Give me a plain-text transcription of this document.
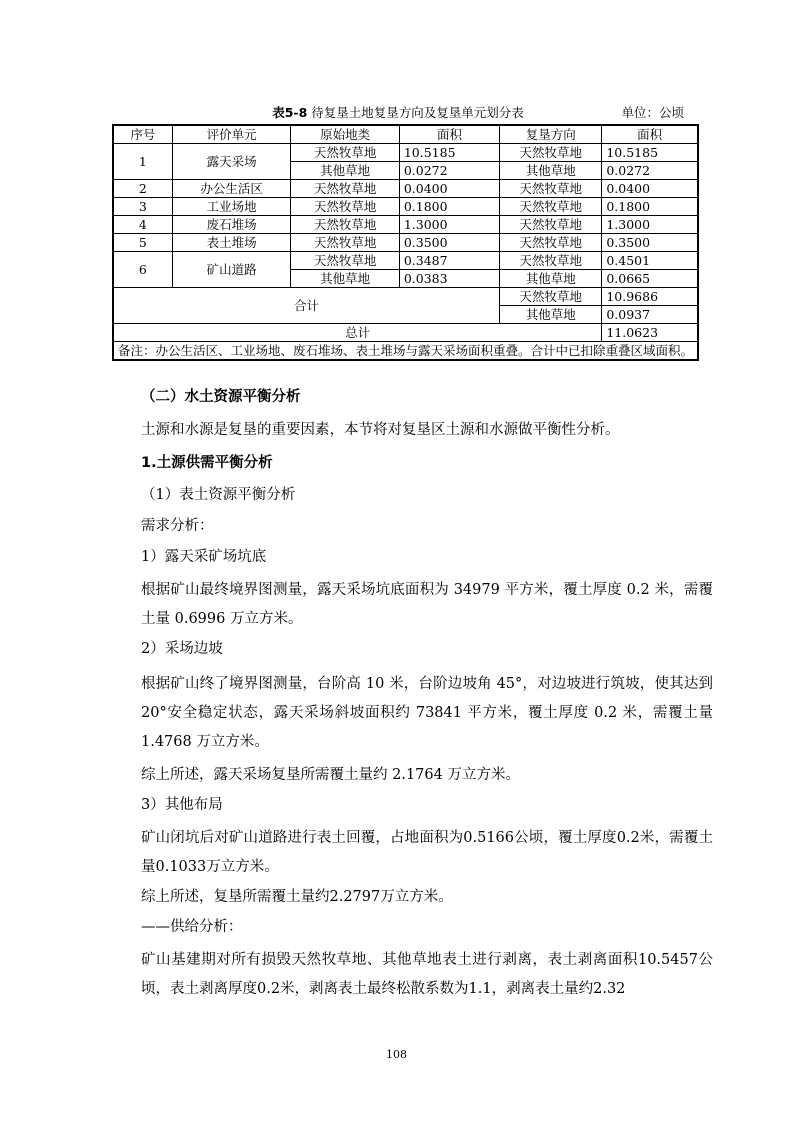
表5-8 待复垦土地复垦方向及复垦单元划分表	单位：公顷
序号	评价单元	原始地类	面积	复垦方向	面积
1	露天采场	天然牧草地	10.5185	天然牧草地	10.5185
		其他草地	0.0272	其他草地	0.0272
2	办公生活区	天然牧草地	0.0400	天然牧草地	0.0400
3	工业场地	天然牧草地	0.1800	天然牧草地	0.1800
4	废石堆场	天然牧草地	1.3000	天然牧草地	1.3000
5	表土堆场	天然牧草地	0.3500	天然牧草地	0.3500
6	矿山道路	天然牧草地	0.3487	天然牧草地	0.4501
		其他草地	0.0383	其他草地	0.0665
合计				天然牧草地	10.9686
				其他草地	0.0937
总计					11.0623
备注：办公生活区、工业场地、废石堆场、表土堆场与露天采场面积重叠。合计中已扣除重叠区域面积。					
（二）水土资源平衡分析
土源和水源是复垦的重要因素，本节将对复垦区土源和水源做平衡性分析。
1.土源供需平衡分析
（1）表土资源平衡分析
需求分析：
1）露天采矿场坑底
根据矿山最终境界图测量，露天采场坑底面积为 34979 平方米，覆土厚度 0.2 米，需覆土量 0.6996 万立方米。
2）采场边坡
根据矿山终了境界图测量，台阶高 10 米，台阶边坡角 45°，对边坡进行筑坡，使其达到 20°安全稳定状态，露天采场斜坡面积约 73841 平方米，覆土厚度 0.2 米，需覆土量 1.4768 万立方米。
综上所述，露天采场复垦所需覆土量约 2.1764 万立方米。
3）其他布局
矿山闭坑后对矿山道路进行表土回覆，占地面积为0.5166公顷，覆土厚度0.2米，需覆土量0.1033万立方米。
综上所述，复垦所需覆土量约2.2797万立方米。
——供给分析：
矿山基建期对所有损毁天然牧草地、其他草地表土进行剥离，表土剥离面积10.5457公顷，表土剥离厚度0.2米，剥离表土最终松散系数为1.1，剥离表土量约2.32
108
